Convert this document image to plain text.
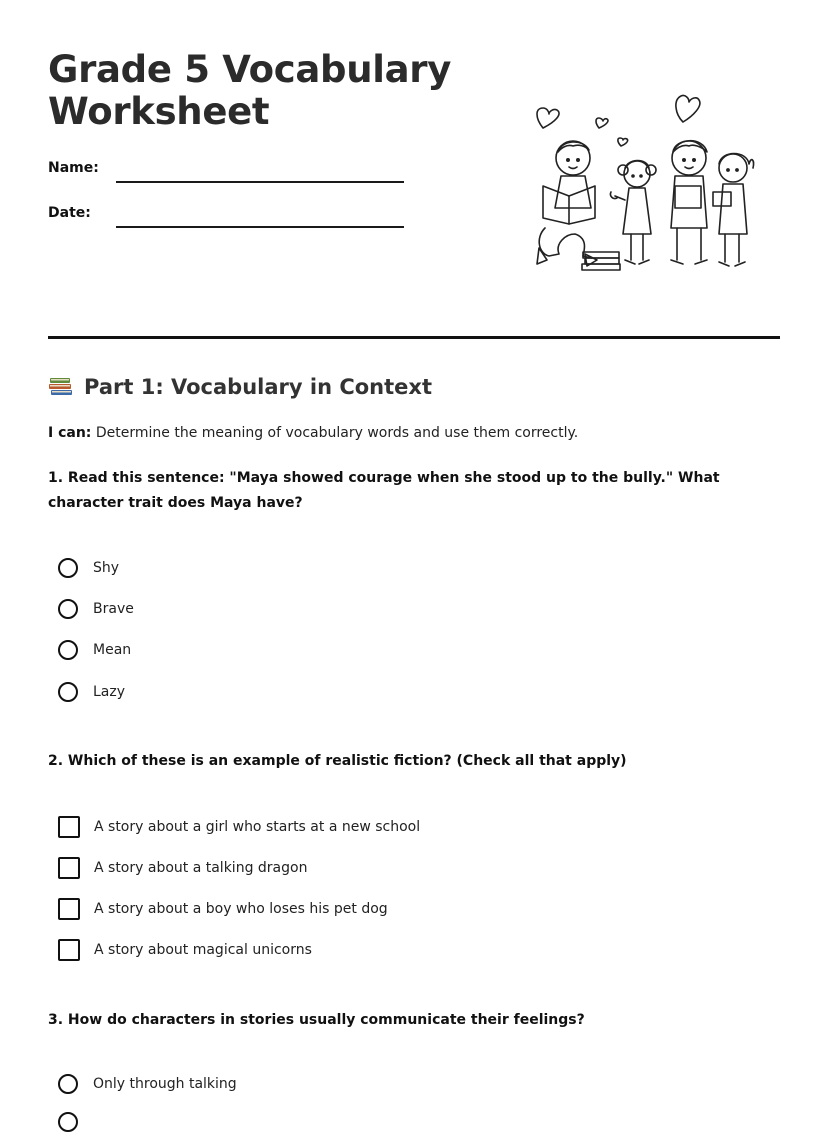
Grade 5 Vocabulary
Worksheet
Name:
Date:
Part 1: Vocabulary in Context
I can: Determine the meaning of vocabulary words and use them correctly.

1. Read this sentence: "Maya showed courage when she stood up to the bully." What character trait does Maya have?

Shy
Brave
Mean
Lazy

2. Which of these is an example of realistic fiction? (Check all that apply)

A story about a girl who starts at a new school
A story about a talking dragon
A story about a boy who loses his pet dog
A story about magical unicorns

3. How do characters in stories usually communicate their feelings?

Only through talking
